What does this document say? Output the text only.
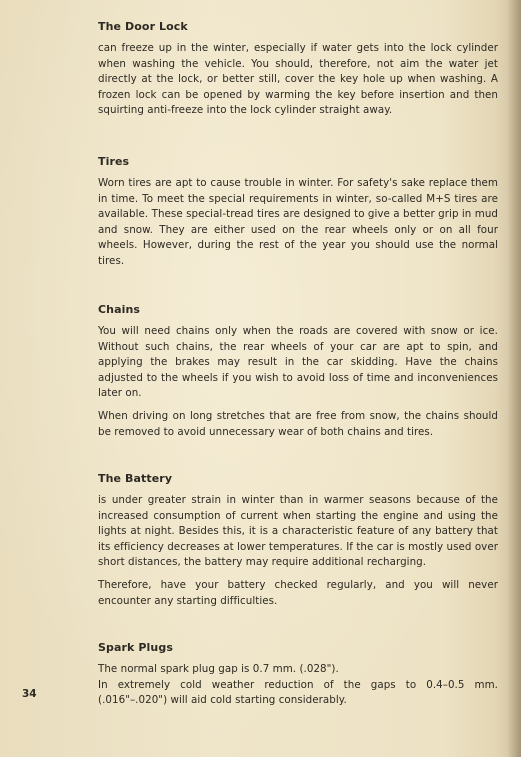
The Door Lock

can freeze up in the winter, especially if water gets into the lock cylinder when washing the vehicle. You should, therefore, not aim the water jet directly at the lock, or better still, cover the key hole up when washing. A frozen lock can be opened by warming the key before insertion and then squirting anti-freeze into the lock cylinder straight away.

Tires

Worn tires are apt to cause trouble in winter. For safety's sake replace them in time. To meet the special requirements in winter, so-called M+S tires are available. These special-tread tires are designed to give a better grip in mud and snow. They are either used on the rear wheels only or on all four wheels. However, during the rest of the year you should use the normal tires.

Chains

You will need chains only when the roads are covered with snow or ice. Without such chains, the rear wheels of your car are apt to spin, and applying the brakes may result in the car skidding. Have the chains adjusted to the wheels if you wish to avoid loss of time and inconveniences later on.

When driving on long stretches that are free from snow, the chains should be removed to avoid unnecessary wear of both chains and tires.

The Battery

is under greater strain in winter than in warmer seasons because of the increased consumption of current when starting the engine and using the lights at night. Besides this, it is a characteristic feature of any battery that its efficiency decreases at lower temperatures. If the car is mostly used over short distances, the battery may require additional recharging.

Therefore, have your battery checked regularly, and you will never encounter any starting difficulties.

Spark Plugs

The normal spark plug gap is 0.7 mm. (.028").

In extremely cold weather reduction of the gaps to 0.4–0.5 mm. (.016"–.020") will aid cold starting considerably.

34
